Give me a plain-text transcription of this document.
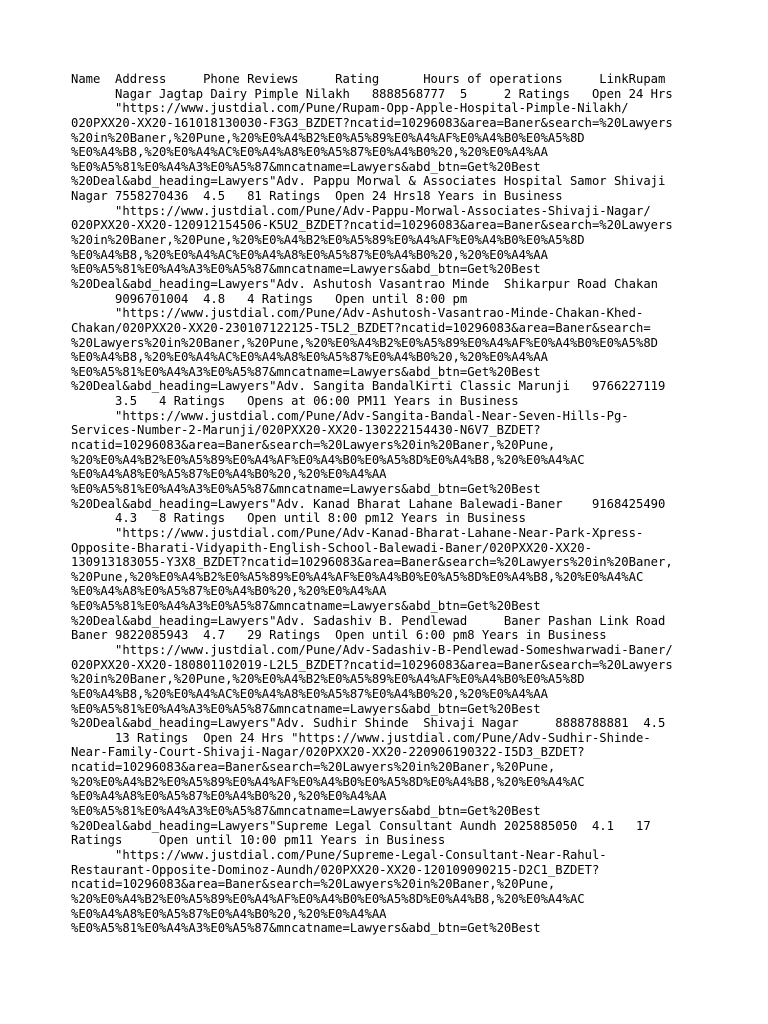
Name  Address     Phone Reviews     Rating      Hours of operations     LinkRupam
Nagar Jagtap Dairy Pimple Nilakh   8888568777  5     2 Ratings   Open 24 Hrs
"https://www.justdial.com/Pune/Rupam-Opp-Apple-Hospital-Pimple-Nilakh/
020PXX20-XX20-161018130030-F3G3_BZDET?ncatid=10296083&area=Baner&search=%20Lawyers
%20in%20Baner,%20Pune,%20%E0%A4%B2%E0%A5%89%E0%A4%AF%E0%A4%B0%E0%A5%8D
%E0%A4%B8,%20%E0%A4%AC%E0%A4%A8%E0%A5%87%E0%A4%B0%20,%20%E0%A4%AA
%E0%A5%81%E0%A4%A3%E0%A5%87&mncatname=Lawyers&abd_btn=Get%20Best
%20Deal&abd_heading=Lawyers"Adv. Pappu Morwal & Associates Hospital Samor Shivaji
Nagar 7558270436  4.5   81 Ratings  Open 24 Hrs18 Years in Business
"https://www.justdial.com/Pune/Adv-Pappu-Morwal-Associates-Shivaji-Nagar/
020PXX20-XX20-120912154506-K5U2_BZDET?ncatid=10296083&area=Baner&search=%20Lawyers
%20in%20Baner,%20Pune,%20%E0%A4%B2%E0%A5%89%E0%A4%AF%E0%A4%B0%E0%A5%8D
%E0%A4%B8,%20%E0%A4%AC%E0%A4%A8%E0%A5%87%E0%A4%B0%20,%20%E0%A4%AA
%E0%A5%81%E0%A4%A3%E0%A5%87&mncatname=Lawyers&abd_btn=Get%20Best
%20Deal&abd_heading=Lawyers"Adv. Ashutosh Vasantrao Minde  Shikarpur Road Chakan
9096701004  4.8   4 Ratings   Open until 8:00 pm
"https://www.justdial.com/Pune/Adv-Ashutosh-Vasantrao-Minde-Chakan-Khed-
Chakan/020PXX20-XX20-230107122125-T5L2_BZDET?ncatid=10296083&area=Baner&search=
%20Lawyers%20in%20Baner,%20Pune,%20%E0%A4%B2%E0%A5%89%E0%A4%AF%E0%A4%B0%E0%A5%8D
%E0%A4%B8,%20%E0%A4%AC%E0%A4%A8%E0%A5%87%E0%A4%B0%20,%20%E0%A4%AA
%E0%A5%81%E0%A4%A3%E0%A5%87&mncatname=Lawyers&abd_btn=Get%20Best
%20Deal&abd_heading=Lawyers"Adv. Sangita BandalKirti Classic Marunji   9766227119
3.5   4 Ratings   Opens at 06:00 PM11 Years in Business
"https://www.justdial.com/Pune/Adv-Sangita-Bandal-Near-Seven-Hills-Pg-
Services-Number-2-Marunji/020PXX20-XX20-130222154430-N6V7_BZDET?
ncatid=10296083&area=Baner&search=%20Lawyers%20in%20Baner,%20Pune,
%20%E0%A4%B2%E0%A5%89%E0%A4%AF%E0%A4%B0%E0%A5%8D%E0%A4%B8,%20%E0%A4%AC
%E0%A4%A8%E0%A5%87%E0%A4%B0%20,%20%E0%A4%AA
%E0%A5%81%E0%A4%A3%E0%A5%87&mncatname=Lawyers&abd_btn=Get%20Best
%20Deal&abd_heading=Lawyers"Adv. Kanad Bharat Lahane Balewadi-Baner    9168425490
4.3   8 Ratings   Open until 8:00 pm12 Years in Business
"https://www.justdial.com/Pune/Adv-Kanad-Bharat-Lahane-Near-Park-Xpress-
Opposite-Bharati-Vidyapith-English-School-Balewadi-Baner/020PXX20-XX20-
130913183055-Y3X8_BZDET?ncatid=10296083&area=Baner&search=%20Lawyers%20in%20Baner,
%20Pune,%20%E0%A4%B2%E0%A5%89%E0%A4%AF%E0%A4%B0%E0%A5%8D%E0%A4%B8,%20%E0%A4%AC
%E0%A4%A8%E0%A5%87%E0%A4%B0%20,%20%E0%A4%AA
%E0%A5%81%E0%A4%A3%E0%A5%87&mncatname=Lawyers&abd_btn=Get%20Best
%20Deal&abd_heading=Lawyers"Adv. Sadashiv B. Pendlewad     Baner Pashan Link Road
Baner 9822085943  4.7   29 Ratings  Open until 6:00 pm8 Years in Business
"https://www.justdial.com/Pune/Adv-Sadashiv-B-Pendlewad-Someshwarwadi-Baner/
020PXX20-XX20-180801102019-L2L5_BZDET?ncatid=10296083&area=Baner&search=%20Lawyers
%20in%20Baner,%20Pune,%20%E0%A4%B2%E0%A5%89%E0%A4%AF%E0%A4%B0%E0%A5%8D
%E0%A4%B8,%20%E0%A4%AC%E0%A4%A8%E0%A5%87%E0%A4%B0%20,%20%E0%A4%AA
%E0%A5%81%E0%A4%A3%E0%A5%87&mncatname=Lawyers&abd_btn=Get%20Best
%20Deal&abd_heading=Lawyers"Adv. Sudhir Shinde  Shivaji Nagar     8888788881  4.5
13 Ratings  Open 24 Hrs "https://www.justdial.com/Pune/Adv-Sudhir-Shinde-
Near-Family-Court-Shivaji-Nagar/020PXX20-XX20-220906190322-I5D3_BZDET?
ncatid=10296083&area=Baner&search=%20Lawyers%20in%20Baner,%20Pune,
%20%E0%A4%B2%E0%A5%89%E0%A4%AF%E0%A4%B0%E0%A5%8D%E0%A4%B8,%20%E0%A4%AC
%E0%A4%A8%E0%A5%87%E0%A4%B0%20,%20%E0%A4%AA
%E0%A5%81%E0%A4%A3%E0%A5%87&mncatname=Lawyers&abd_btn=Get%20Best
%20Deal&abd_heading=Lawyers"Supreme Legal Consultant Aundh 2025885050  4.1   17
Ratings     Open until 10:00 pm11 Years in Business
"https://www.justdial.com/Pune/Supreme-Legal-Consultant-Near-Rahul-
Restaurant-Opposite-Dominoz-Aundh/020PXX20-XX20-120109090215-D2C1_BZDET?
ncatid=10296083&area=Baner&search=%20Lawyers%20in%20Baner,%20Pune,
%20%E0%A4%B2%E0%A5%89%E0%A4%AF%E0%A4%B0%E0%A5%8D%E0%A4%B8,%20%E0%A4%AC
%E0%A4%A8%E0%A5%87%E0%A4%B0%20,%20%E0%A4%AA
%E0%A5%81%E0%A4%A3%E0%A5%87&mncatname=Lawyers&abd_btn=Get%20Best
